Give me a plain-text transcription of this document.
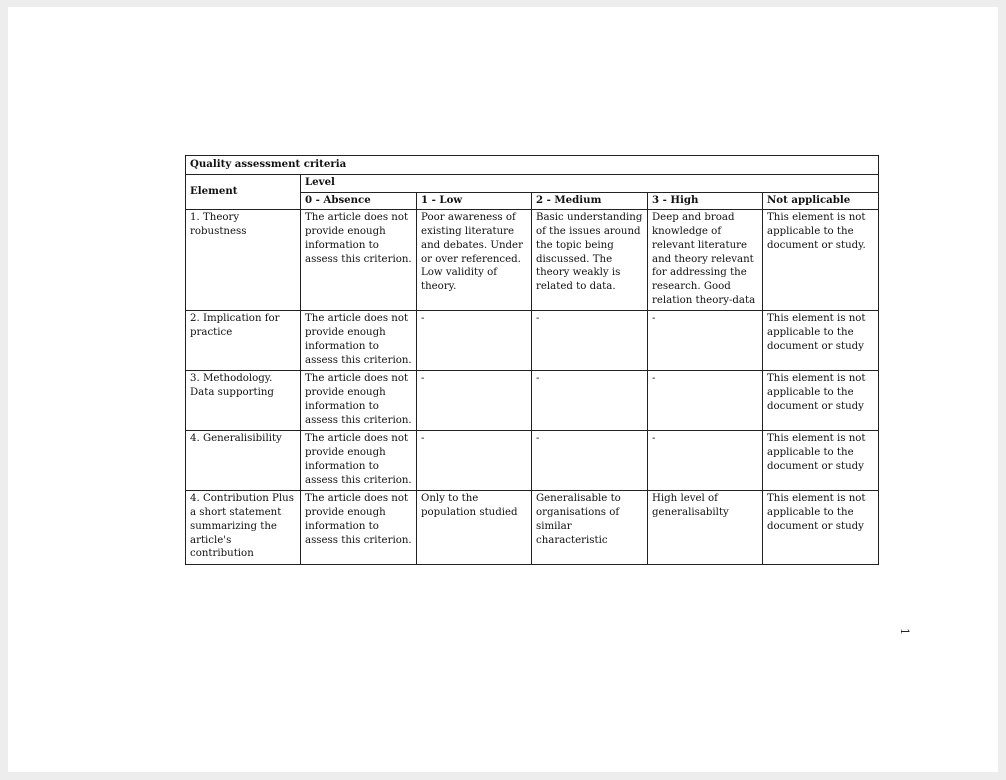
Quality assessment criteria					
Element	Level				
	0 - Absence	1 - Low	2 - Medium	3 - High	Not applicable
1. Theory robustness	The article does not provide enough information to assess this criterion.	Poor awareness of existing literature and debates. Under or over referenced. Low validity of theory.	Basic understanding of the issues around the topic being discussed. The theory weakly is related to data.	Deep and broad knowledge of relevant literature and theory relevant for addressing the research. Good relation theory-data	This element is not applicable to the document or study.
2. Implication for practice	The article does not provide enough information to assess this criterion.	-	-	-	This element is not applicable to the document or study
3. Methodology. Data supporting	The article does not provide enough information to assess this criterion.	-	-	-	This element is not applicable to the document or study
4. Generalisibility	The article does not provide enough information to assess this criterion.	-	-	-	This element is not applicable to the document or study
4. Contribution Plus a short statement summarizing the article's contribution	The article does not provide enough information to assess this criterion.	Only to the population studied	Generalisable to organisations of similar characteristic	High level of generalisabilty	This element is not applicable to the document or study
1
